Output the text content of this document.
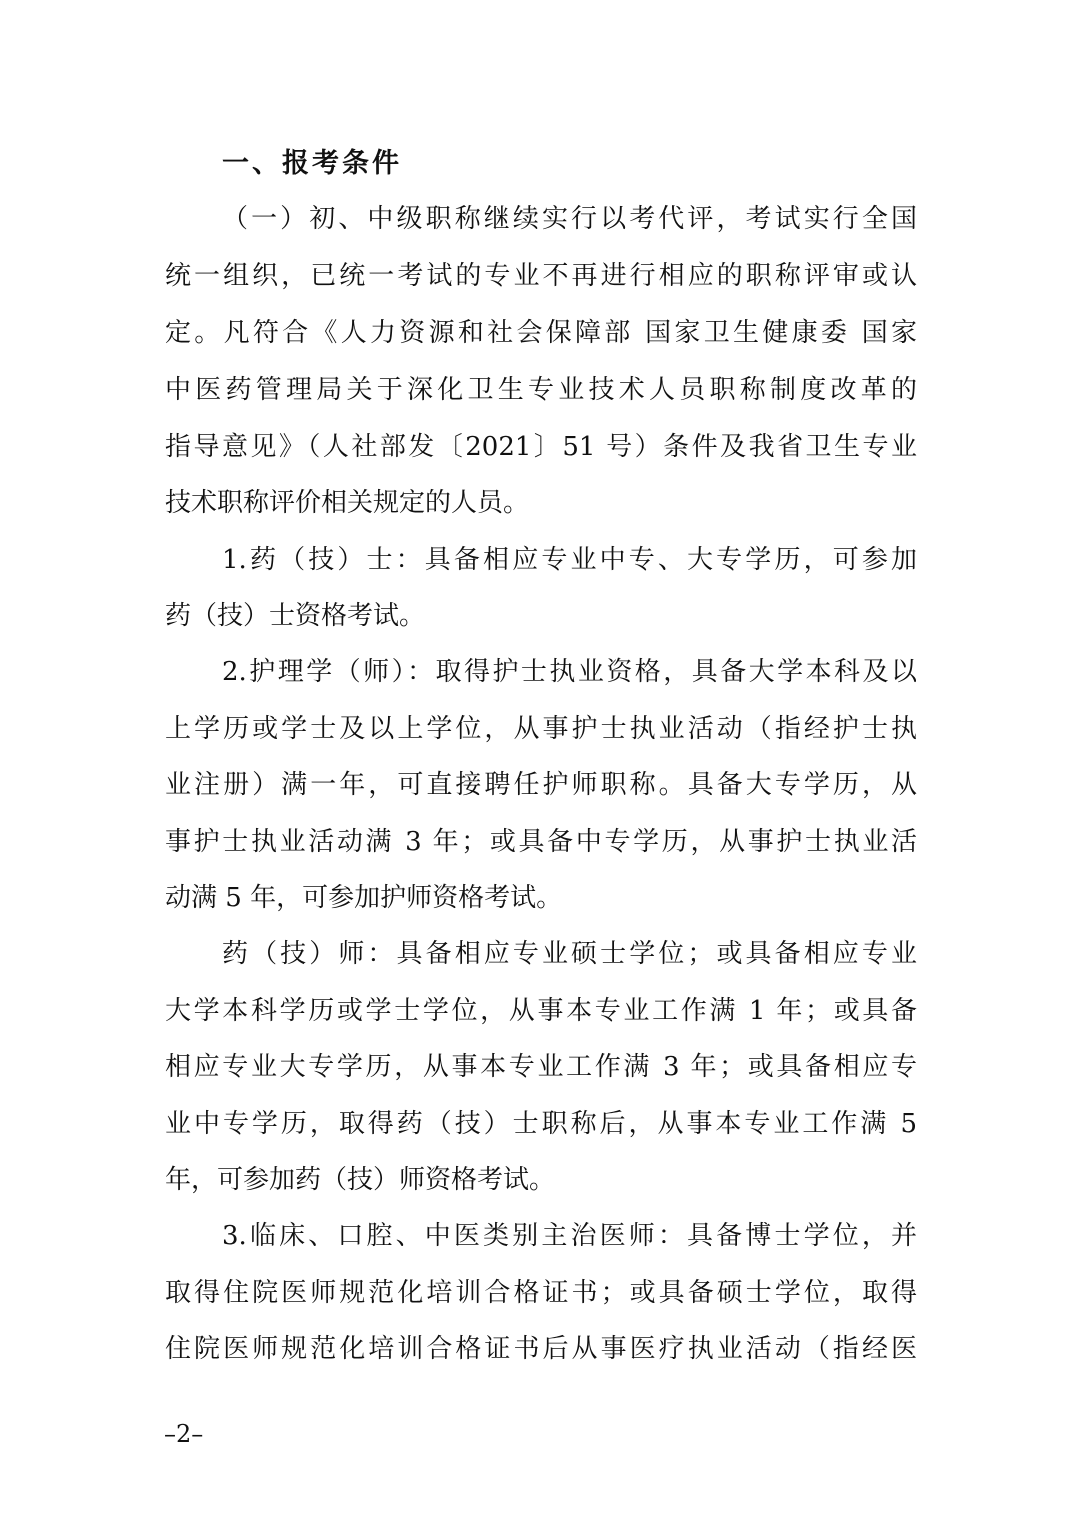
一、报考条件
（一）初、中级职称继续实行以考代评，考试实行全国
统一组织，已统一考试的专业不再进行相应的职称评审或认
定。凡符合《人力资源和社会保障部 国家卫生健康委 国家
中医药管理局关于深化卫生专业技术人员职称制度改革的
指导意见》（人社部发〔2021〕51 号）条件及我省卫生专业
技术职称评价相关规定的人员。
1.药（技）士：具备相应专业中专、大专学历，可参加
药（技）士资格考试。
2.护理学（师）：取得护士执业资格，具备大学本科及以
上学历或学士及以上学位，从事护士执业活动（指经护士执
业注册）满一年，可直接聘任护师职称。具备大专学历，从
事护士执业活动满 3 年；或具备中专学历，从事护士执业活
动满 5 年，可参加护师资格考试。
药（技）师：具备相应专业硕士学位；或具备相应专业
大学本科学历或学士学位，从事本专业工作满 1 年；或具备
相应专业大专学历，从事本专业工作满 3 年；或具备相应专
业中专学历，取得药（技）士职称后，从事本专业工作满 5
年，可参加药（技）师资格考试。
3.临床、口腔、中医类别主治医师：具备博士学位，并
取得住院医师规范化培训合格证书；或具备硕士学位，取得
住院医师规范化培训合格证书后从事医疗执业活动（指经医
–2–
